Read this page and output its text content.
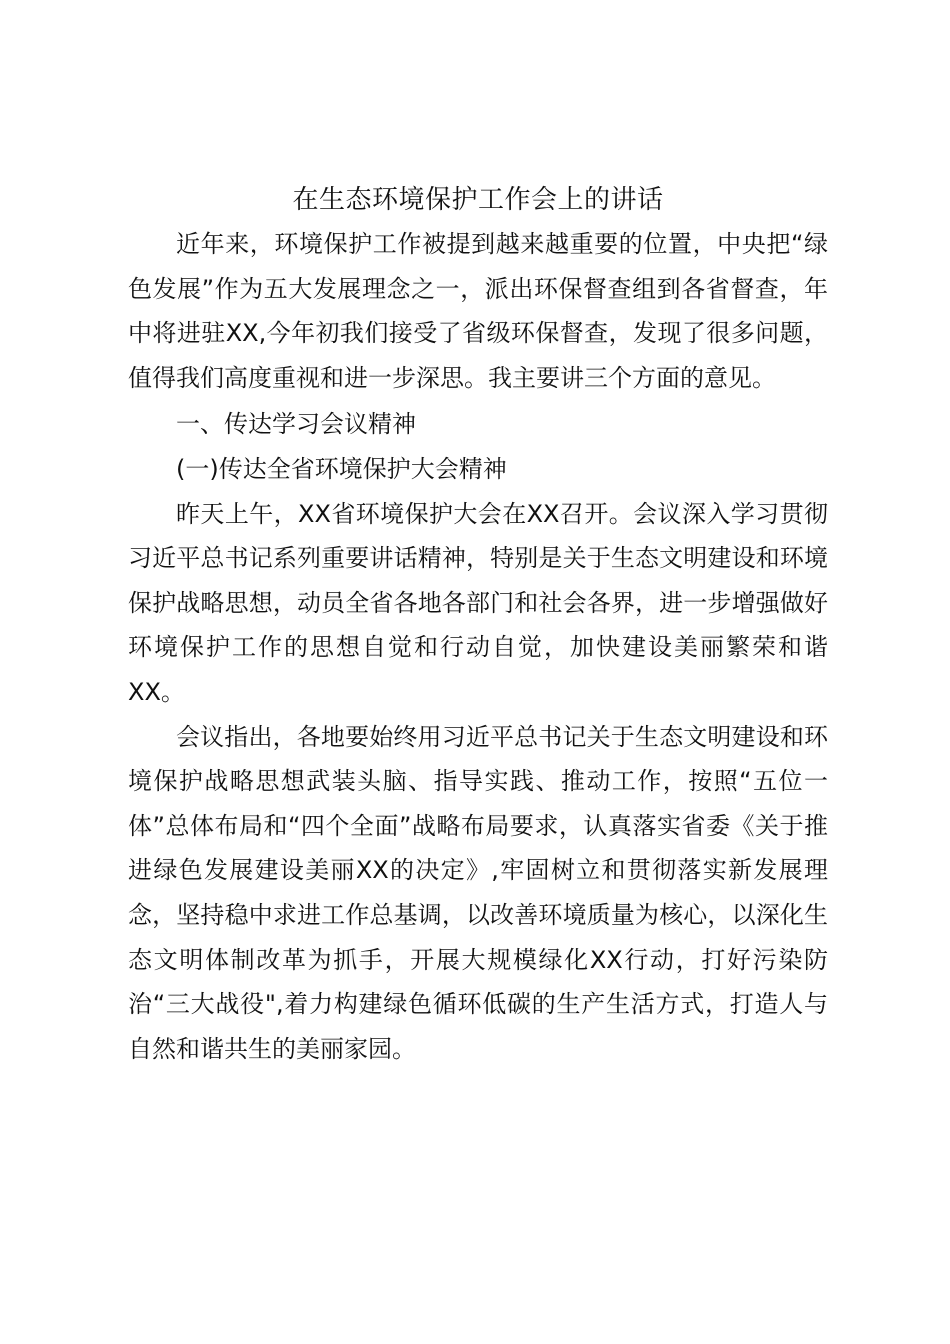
在生态环境保护工作会上的讲话

近年来，环境保护工作被提到越来越重要的位置，中央把“绿色发展”作为五大发展理念之一，派出环保督查组到各省督查，年中将进驻XX,今年初我们接受了省级环保督查，发现了很多问题，值得我们高度重视和进一步深思。我主要讲三个方面的意见。

一、传达学习会议精神

(一)传达全省环境保护大会精神

昨天上午，XX省环境保护大会在XX召开。会议深入学习贯彻习近平总书记系列重要讲话精神，特别是关于生态文明建设和环境保护战略思想，动员全省各地各部门和社会各界，进一步增强做好环境保护工作的思想自觉和行动自觉，加快建设美丽繁荣和谐XX。

会议指出，各地要始终用习近平总书记关于生态文明建设和环境保护战略思想武装头脑、指导实践、推动工作，按照“五位一体”总体布局和“四个全面”战略布局要求，认真落实省委《关于推进绿色发展建设美丽XX的决定》,牢固树立和贯彻落实新发展理念，坚持稳中求进工作总基调，以改善环境质量为核心，以深化生态文明体制改革为抓手，开展大规模绿化XX行动，打好污染防治“三大战役",着力构建绿色循环低碳的生产生活方式，打造人与自然和谐共生的美丽家园。
